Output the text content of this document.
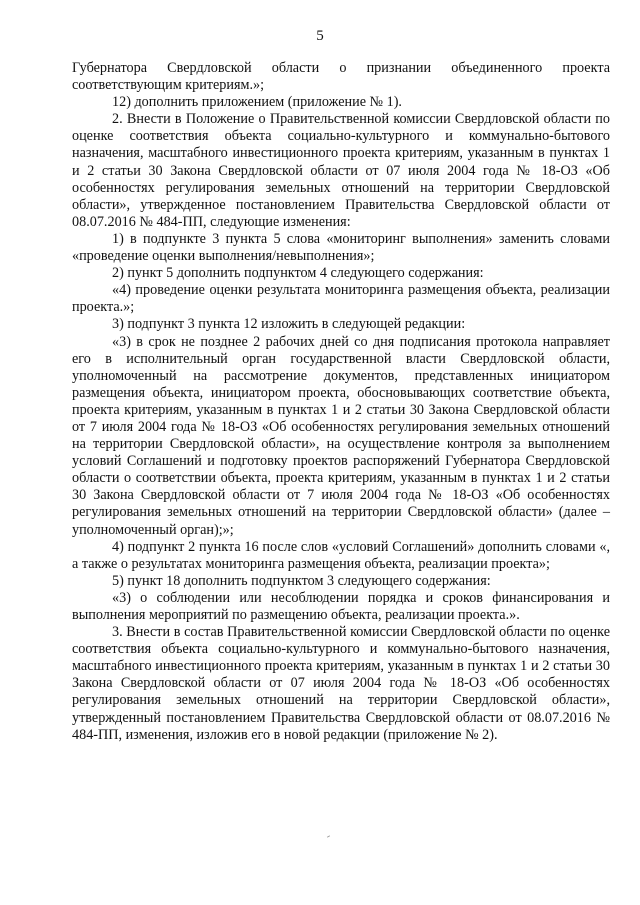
5

Губернатора Свердловской области о признании объединенного проекта соответствующим критериям.»;

12) дополнить приложением (приложение № 1).

2. Внести в Положение о Правительственной комиссии Свердловской области по оценке соответствия объекта социально-культурного и коммунально-бытового назначения, масштабного инвестиционного проекта критериям, указанным в пунктах 1 и 2 статьи 30 Закона Свердловской области от 07 июля 2004 года № 18-ОЗ «Об особенностях регулирования земельных отношений на территории Свердловской области», утвержденное постановлением Правительства Свердловской области от 08.07.2016 № 484-ПП, следующие изменения:

1) в подпункте 3 пункта 5 слова «мониторинг выполнения» заменить словами «проведение оценки выполнения/невыполнения»;

2) пункт 5 дополнить подпунктом 4 следующего содержания:

«4) проведение оценки результата мониторинга размещения объекта, реализации проекта.»;

3) подпункт 3 пункта 12 изложить в следующей редакции:

«3) в срок не позднее 2 рабочих дней со дня подписания протокола направляет его в исполнительный орган государственной власти Свердловской области, уполномоченный на рассмотрение документов, представленных инициатором размещения объекта, инициатором проекта, обосновывающих соответствие объекта, проекта критериям, указанным в пунктах 1 и 2 статьи 30 Закона Свердловской области от 7 июля 2004 года № 18-ОЗ «Об особенностях регулирования земельных отношений на территории Свердловской области», на осуществление контроля за выполнением условий Соглашений и подготовку проектов распоряжений Губернатора Свердловской области о соответствии объекта, проекта критериям, указанным в пунктах 1 и 2 статьи 30 Закона Свердловской области от 7 июля 2004 года № 18-ОЗ «Об особенностях регулирования земельных отношений на территории Свердловской области» (далее – уполномоченный орган);»;

4) подпункт 2 пункта 16 после слов «условий Соглашений» дополнить словами «, а также о результатах мониторинга размещения объекта, реализации проекта»;

5) пункт 18 дополнить подпунктом 3 следующего содержания:

«3) о соблюдении или несоблюдении порядка и сроков финансирования и выполнения мероприятий по размещению объекта, реализации проекта.».

3. Внести в состав Правительственной комиссии Свердловской области по оценке соответствия объекта социально-культурного и коммунально-бытового назначения, масштабного инвестиционного проекта критериям, указанным в пунктах 1 и 2 статьи 30 Закона Свердловской области от 07 июля 2004 года № 18-ОЗ «Об особенностях регулирования земельных отношений на территории Свердловской области», утвержденный постановлением Правительства Свердловской области от 08.07.2016 № 484-ПП, изменения, изложив его в новой редакции (приложение № 2).
